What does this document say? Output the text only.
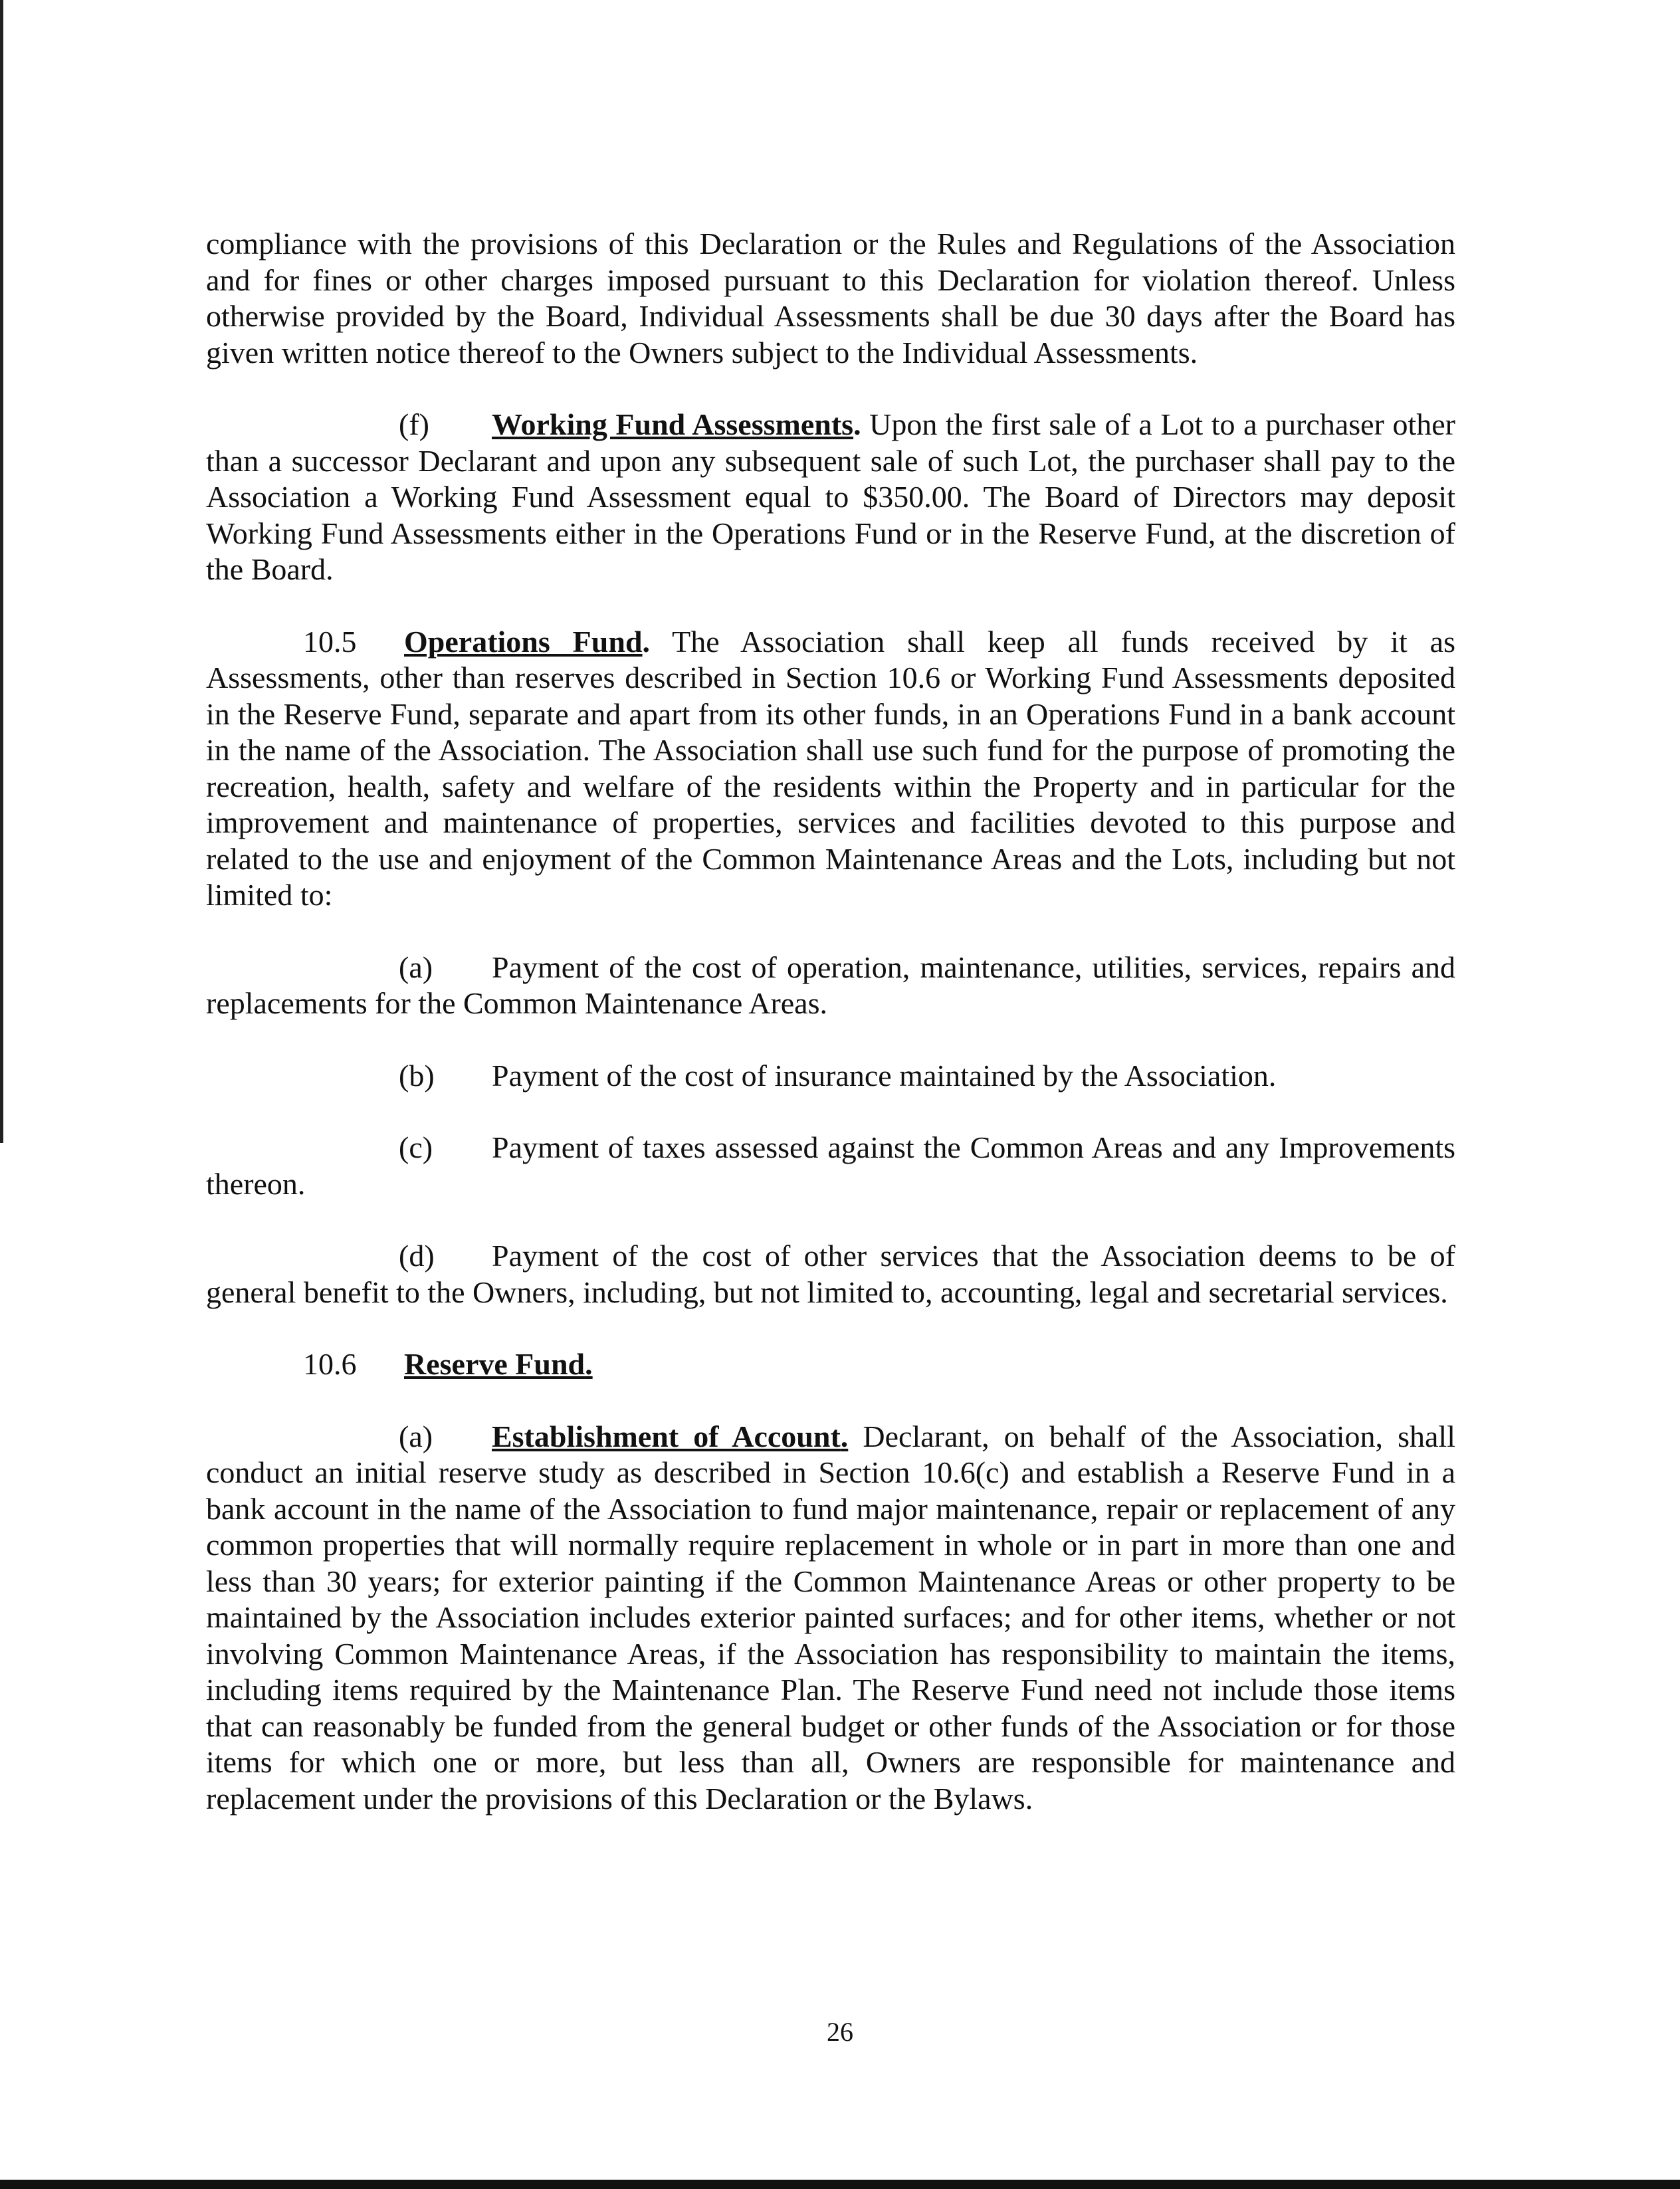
compliance with the provisions of this Declaration or the Rules and Regulations of the Association and for fines or other charges imposed pursuant to this Declaration for violation thereof. Unless otherwise provided by the Board, Individual Assessments shall be due 30 days after the Board has given written notice thereof to the Owners subject to the Individual Assessments.

(f) Working Fund Assessments. Upon the first sale of a Lot to a purchaser other than a successor Declarant and upon any subsequent sale of such Lot, the purchaser shall pay to the Association a Working Fund Assessment equal to $350.00. The Board of Directors may deposit Working Fund Assessments either in the Operations Fund or in the Reserve Fund, at the discretion of the Board.

10.5 Operations Fund. The Association shall keep all funds received by it as Assessments, other than reserves described in Section 10.6 or Working Fund Assessments deposited in the Reserve Fund, separate and apart from its other funds, in an Operations Fund in a bank account in the name of the Association. The Association shall use such fund for the purpose of promoting the recreation, health, safety and welfare of the residents within the Property and in particular for the improvement and maintenance of properties, services and facilities devoted to this purpose and related to the use and enjoyment of the Common Maintenance Areas and the Lots, including but not limited to:

(a) Payment of the cost of operation, maintenance, utilities, services, repairs and replacements for the Common Maintenance Areas.

(b) Payment of the cost of insurance maintained by the Association.

(c) Payment of taxes assessed against the Common Areas and any Improvements thereon.

(d) Payment of the cost of other services that the Association deems to be of general benefit to the Owners, including, but not limited to, accounting, legal and secretarial services.

10.6 Reserve Fund.

(a) Establishment of Account. Declarant, on behalf of the Association, shall conduct an initial reserve study as described in Section 10.6(c) and establish a Reserve Fund in a bank account in the name of the Association to fund major maintenance, repair or replacement of any common properties that will normally require replacement in whole or in part in more than one and less than 30 years; for exterior painting if the Common Maintenance Areas or other property to be maintained by the Association includes exterior painted surfaces; and for other items, whether or not involving Common Maintenance Areas, if the Association has responsibility to maintain the items, including items required by the Maintenance Plan. The Reserve Fund need not include those items that can reasonably be funded from the general budget or other funds of the Association or for those items for which one or more, but less than all, Owners are responsible for maintenance and replacement under the provisions of this Declaration or the Bylaws.

26
